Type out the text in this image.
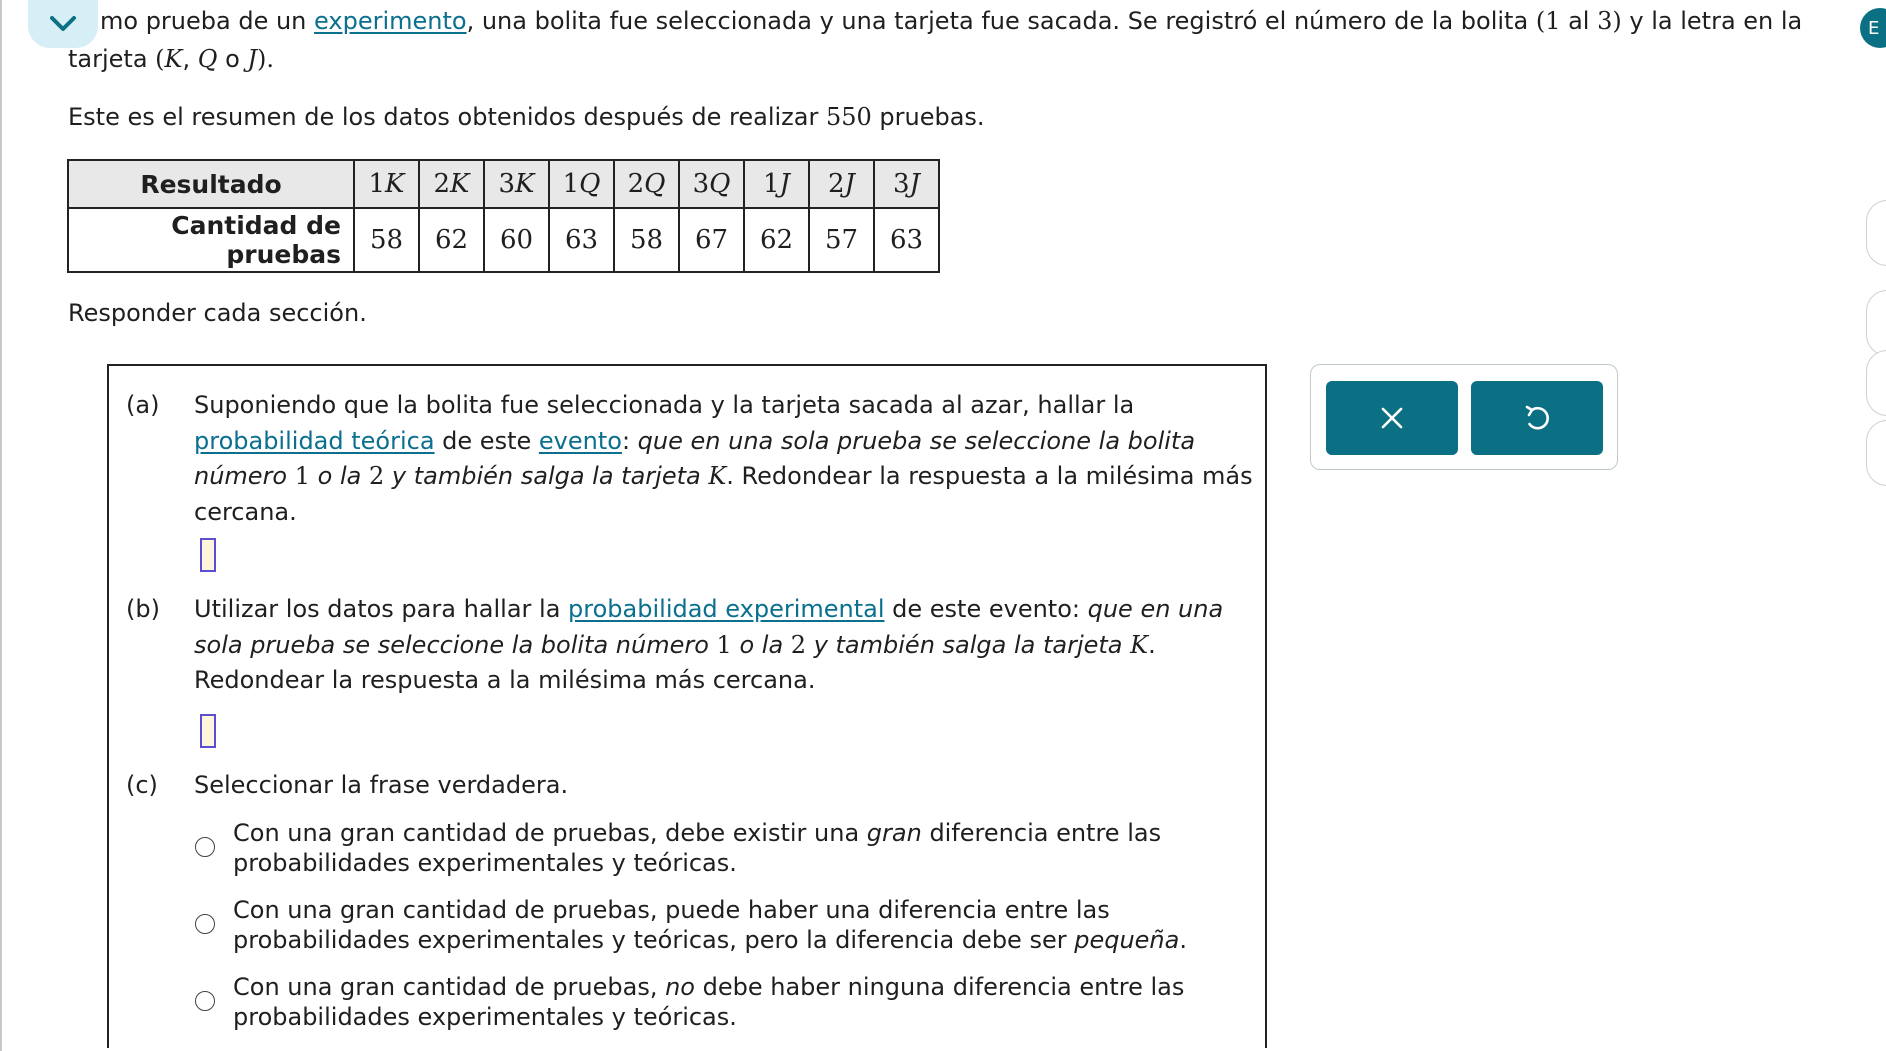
E
mo prueba de un experimento, una bolita fue seleccionada y una tarjeta fue sacada. Se registró el número de la bolita (1 al 3) y la letra en la tarjeta (K, Q o J).
Este es el resumen de los datos obtenidos después de realizar 550 pruebas.
Resultado	1K	2K	3K	1Q	2Q	3Q	1J	2J	3J
Cantidad de pruebas	58	62	60	63	58	67	62	57	63
Responder cada sección.
(a) Suponiendo que la bolita fue seleccionada y la tarjeta sacada al azar, hallar la probabilidad teórica de este evento: que en una sola prueba se seleccione la bolita número 1 o la 2 y también salga la tarjeta K. Redondear la respuesta a la milésima más cercana.
(b) Utilizar los datos para hallar la probabilidad experimental de este evento: que en una sola prueba se seleccione la bolita número 1 o la 2 y también salga la tarjeta K. Redondear la respuesta a la milésima más cercana.
(c) Seleccionar la frase verdadera.
Con una gran cantidad de pruebas, debe existir una gran diferencia entre las probabilidades experimentales y teóricas.
Con una gran cantidad de pruebas, puede haber una diferencia entre las probabilidades experimentales y teóricas, pero la diferencia debe ser pequeña.
Con una gran cantidad de pruebas, no debe haber ninguna diferencia entre las probabilidades experimentales y teóricas.
